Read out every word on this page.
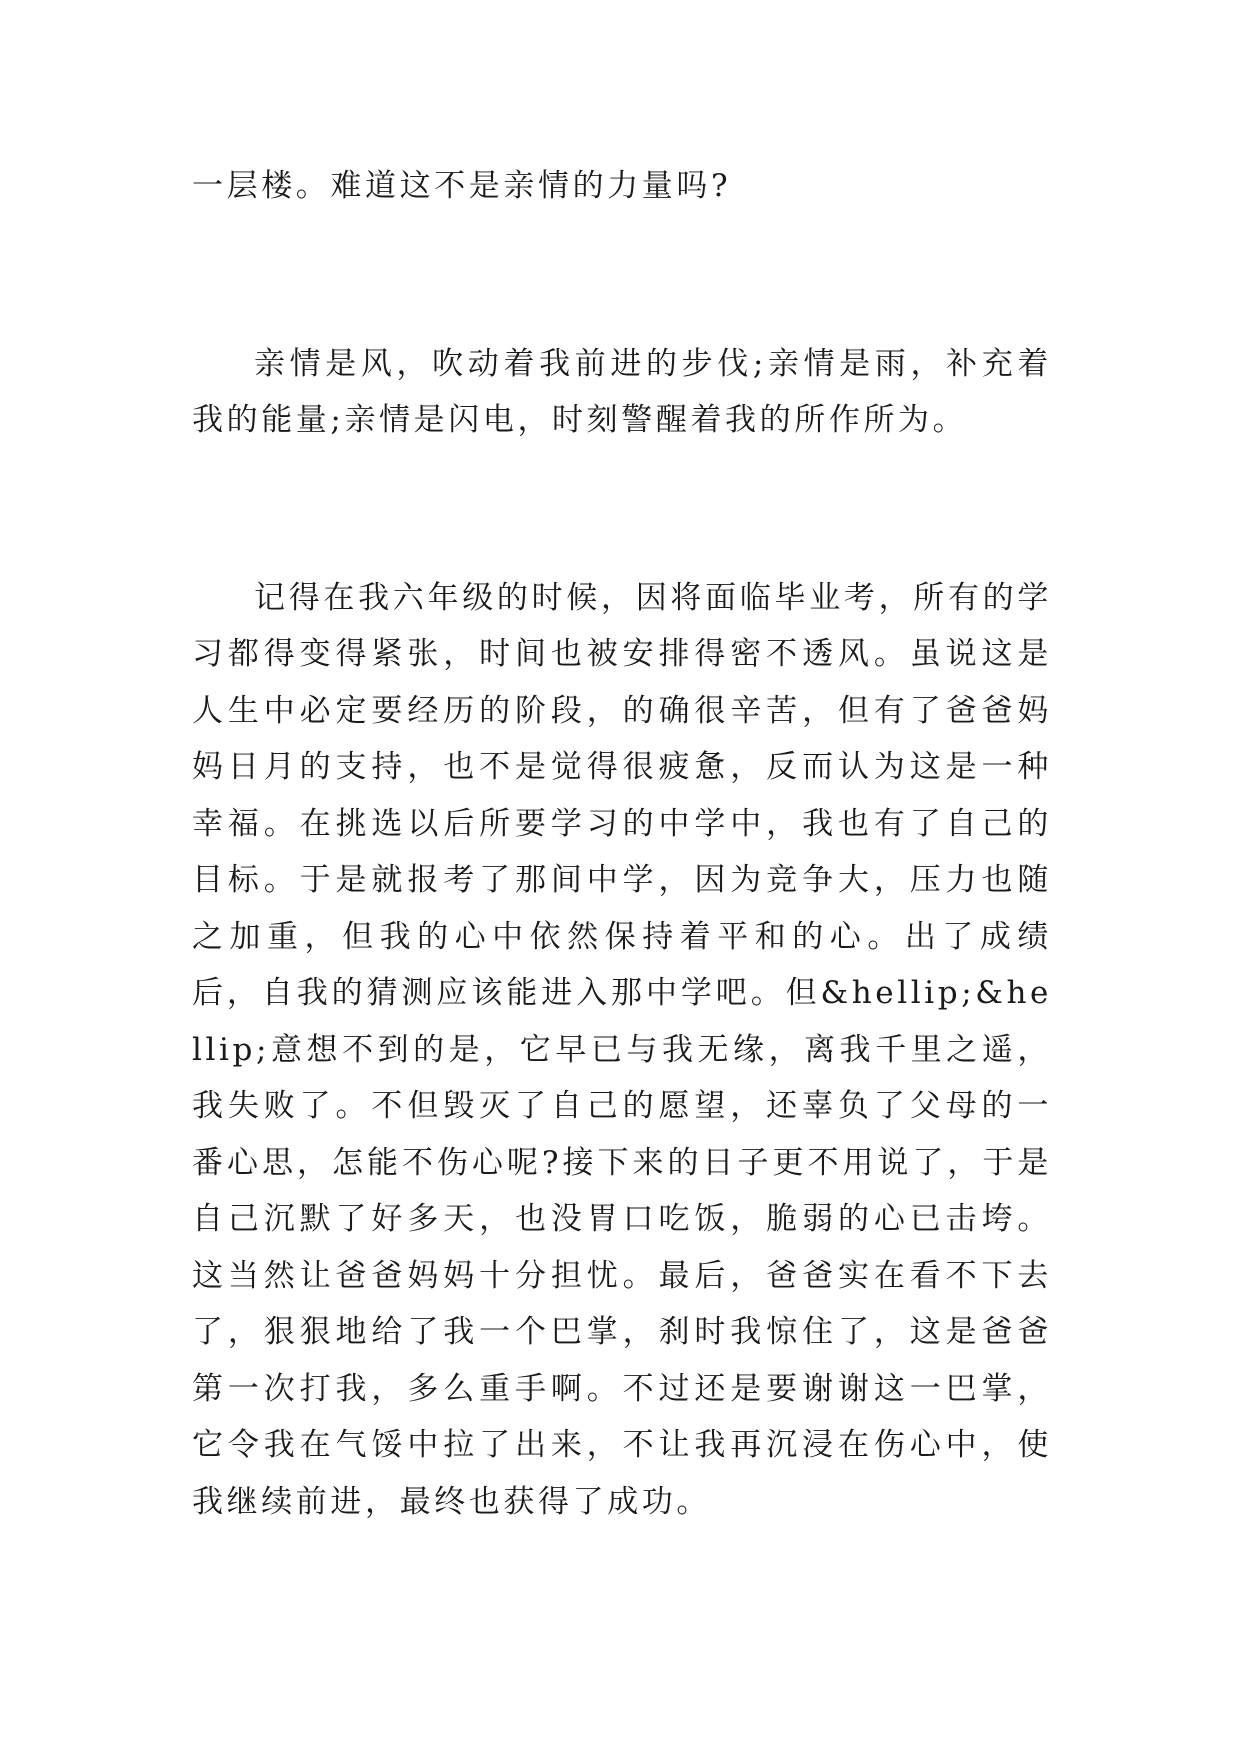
一层楼。难道这不是亲情的力量吗?

亲情是风，吹动着我前进的步伐;亲情是雨，补充着我的能量;亲情是闪电，时刻警醒着我的所作所为。

记得在我六年级的时候，因将面临毕业考，所有的学习都得变得紧张，时间也被安排得密不透风。虽说这是人生中必定要经历的阶段，的确很辛苦，但有了爸爸妈妈日月的支持，也不是觉得很疲惫，反而认为这是一种幸福。在挑选以后所要学习的中学中，我也有了自己的目标。于是就报考了那间中学，因为竞争大，压力也随之加重，但我的心中依然保持着平和的心。出了成绩后，自我的猜测应该能进入那中学吧。但&hellip;&hellip;意想不到的是，它早已与我无缘，离我千里之遥，我失败了。不但毁灭了自己的愿望，还辜负了父母的一番心思，怎能不伤心呢?接下来的日子更不用说了，于是自己沉默了好多天，也没胃口吃饭，脆弱的心已击垮。这当然让爸爸妈妈十分担忧。最后，爸爸实在看不下去了，狠狠地给了我一个巴掌，刹时我惊住了，这是爸爸第一次打我，多么重手啊。不过还是要谢谢这一巴掌，它令我在气馁中拉了出来，不让我再沉浸在伤心中，使我继续前进，最终也获得了成功。
